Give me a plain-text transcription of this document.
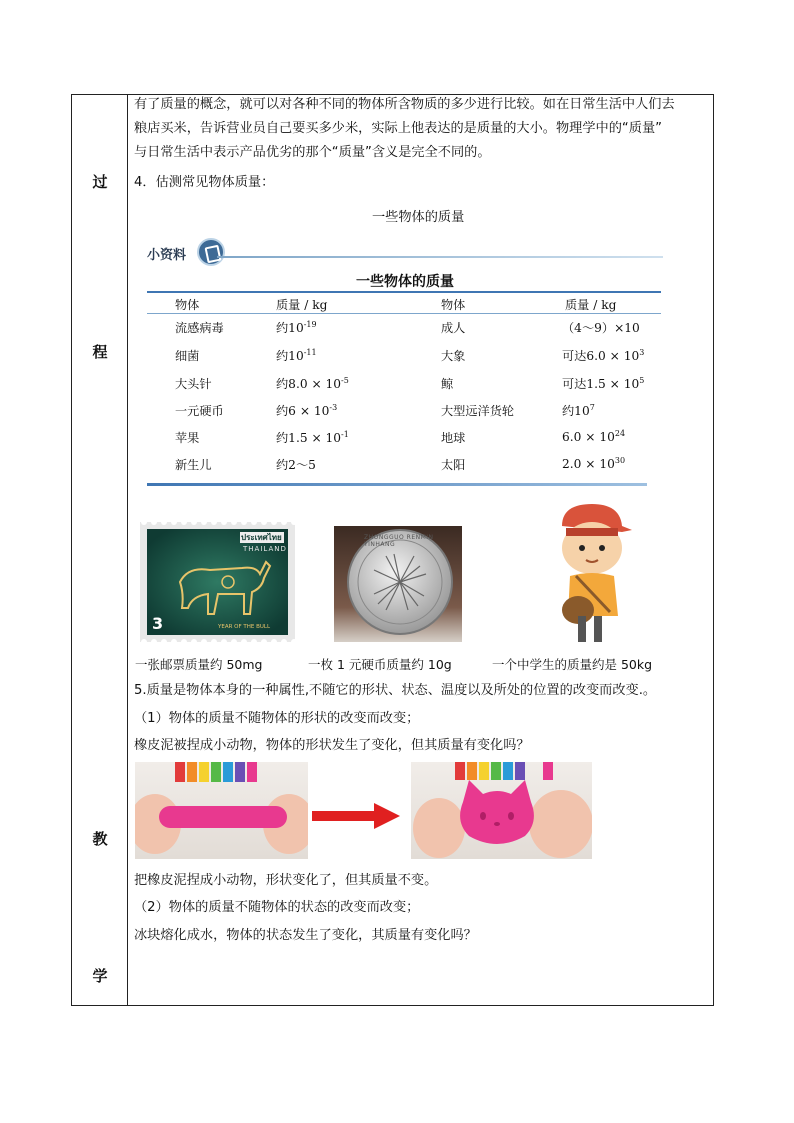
过
程
教
学
有了质量的概念，就可以对各种不同的物体所含物质的多少进行比较。如在日常生活中人们去
粮店买米，告诉营业员自己要买多少米，实际上他表达的是质量的大小。物理学中的“质量”
与日常生活中表示产品优劣的那个“质量”含义是完全不同的。
4．估测常见物体质量：
一些物体的质量
小资料
一些物体的质量
物体	质量 / kg	物体	质量 / kg
流感病毒	约$10^{-19}$	成人	（4～9）×10
细菌	约$10^{-11}$	大象	可达$6.0 \times 10^3$
大头针	约$8.0 \times 10^{-5}$	鲸	可达$1.5 \times 10^5$
一元硬币	约$6 \times 10^{-3}$	大型远洋货轮	约$10^7$
苹果	约$1.5 \times 10^{-1}$	地球	$6.0 \times 10^{24}$
新生儿	约2～5	太阳	$2.0 \times 10^{30}$
ประเทศไทย
THAILAND
3	YEAR OF THE BULL
ZHONGGUO RENMIN YINHANG
一张邮票质量约 50mg	一枚 1 元硬币质量约 10g	一个中学生的质量约是 50kg
5.质量是物体本身的一种属性,不随它的形状、状态、温度以及所处的位置的改变而改变.。
（1）物体的质量不随物体的形状的改变而改变；
橡皮泥被捏成小动物，物体的形状发生了变化，但其质量有变化吗？
把橡皮泥捏成小动物，形状变化了，但其质量不变。
（2）物体的质量不随物体的状态的改变而改变；
冰块熔化成水，物体的状态发生了变化，其质量有变化吗？
